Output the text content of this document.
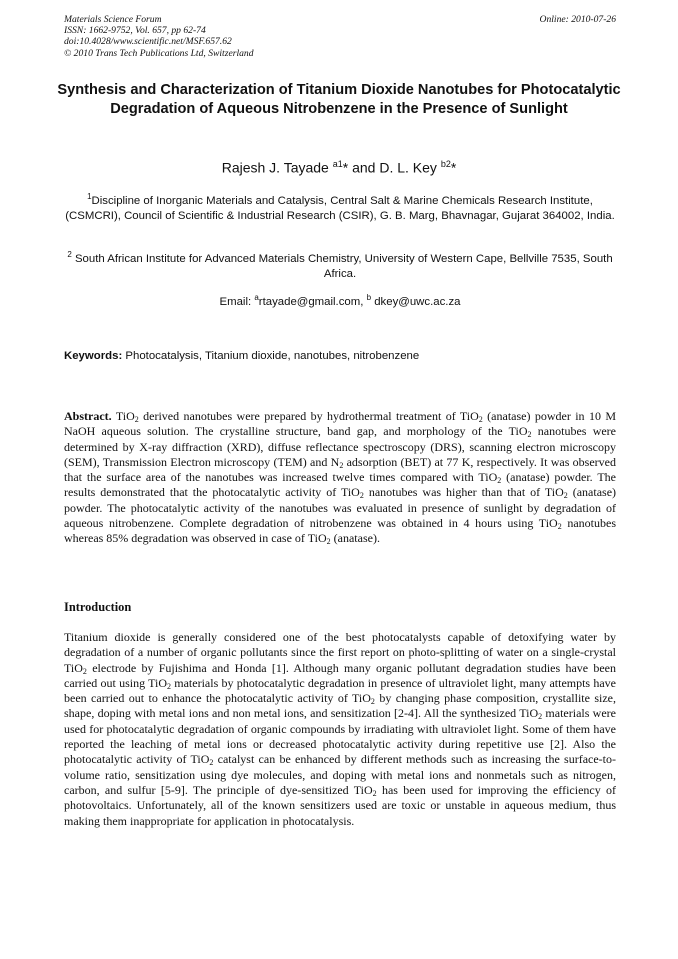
Materials Science Forum
ISSN: 1662-9752, Vol. 657, pp 62-74
doi:10.4028/www.scientific.net/MSF.657.62
© 2010 Trans Tech Publications Ltd, Switzerland
Online: 2010-07-26
Synthesis and Characterization of Titanium Dioxide Nanotubes for Photocatalytic Degradation of Aqueous Nitrobenzene in the Presence of Sunlight
Rajesh J. Tayade $^{a1}$* and D. L. Key $^{b2}$*
$^1$Discipline of Inorganic Materials and Catalysis, Central Salt & Marine Chemicals Research Institute, (CSMCRI), Council of Scientific & Industrial Research (CSIR), G. B. Marg, Bhavnagar, Gujarat 364002, India.
$^2$ South African Institute for Advanced Materials Chemistry, University of Western Cape, Bellville 7535, South Africa.
Email: $^a$rtayade@gmail.com, $^b$ dkey@uwc.ac.za
Keywords: Photocatalysis, Titanium dioxide, nanotubes, nitrobenzene
Abstract. TiO$_2$ derived nanotubes were prepared by hydrothermal treatment of TiO$_2$ (anatase) powder in 10 M NaOH aqueous solution. The crystalline structure, band gap, and morphology of the TiO$_2$ nanotubes were determined by X-ray diffraction (XRD), diffuse reflectance spectroscopy (DRS), scanning electron microscopy (SEM), Transmission Electron microscopy (TEM) and $N_2$ adsorption (BET) at 77 K, respectively. It was observed that the surface area of the nanotubes was increased twelve times compared with TiO$_2$ (anatase) powder. The results demonstrated that the photocatalytic activity of TiO$_2$ nanotubes was higher than that of TiO$_2$ (anatase) powder. The photocatalytic activity of the nanotubes was evaluated in presence of sunlight by degradation of aqueous nitrobenzene. Complete degradation of nitrobenzene was obtained in 4 hours using TiO$_2$ nanotubes whereas 85% degradation was observed in case of TiO$_2$ (anatase).
Introduction
Titanium dioxide is generally considered one of the best photocatalysts capable of detoxifying water by degradation of a number of organic pollutants since the first report on photo-splitting of water on a single-crystal TiO$_2$ electrode by Fujishima and Honda [1]. Although many organic pollutant degradation studies have been carried out using TiO$_2$ materials by photocatalytic degradation in presence of ultraviolet light, many attempts have been carried out to enhance the photocatalytic activity of TiO$_2$ by changing phase composition, crystallite size, shape, doping with metal ions and non metal ions, and sensitization [2-4]. All the synthesized TiO$_2$ materials were used for photocatalytic degradation of organic compounds by irradiating with ultraviolet light. Some of them have reported the leaching of metal ions or decreased photocatalytic activity during repetitive use [2]. Also the photocatalytic activity of TiO$_2$ catalyst can be enhanced by different methods such as increasing the surface-to-volume ratio, sensitization using dye molecules, and doping with metal ions and nonmetals such as nitrogen, carbon, and sulfur [5-9]. The principle of dye-sensitized TiO$_2$ has been used for improving the efficiency of photovoltaics. Unfortunately, all of the known sensitizers used are toxic or unstable in aqueous medium, thus making them inappropriate for application in photocatalysis.
